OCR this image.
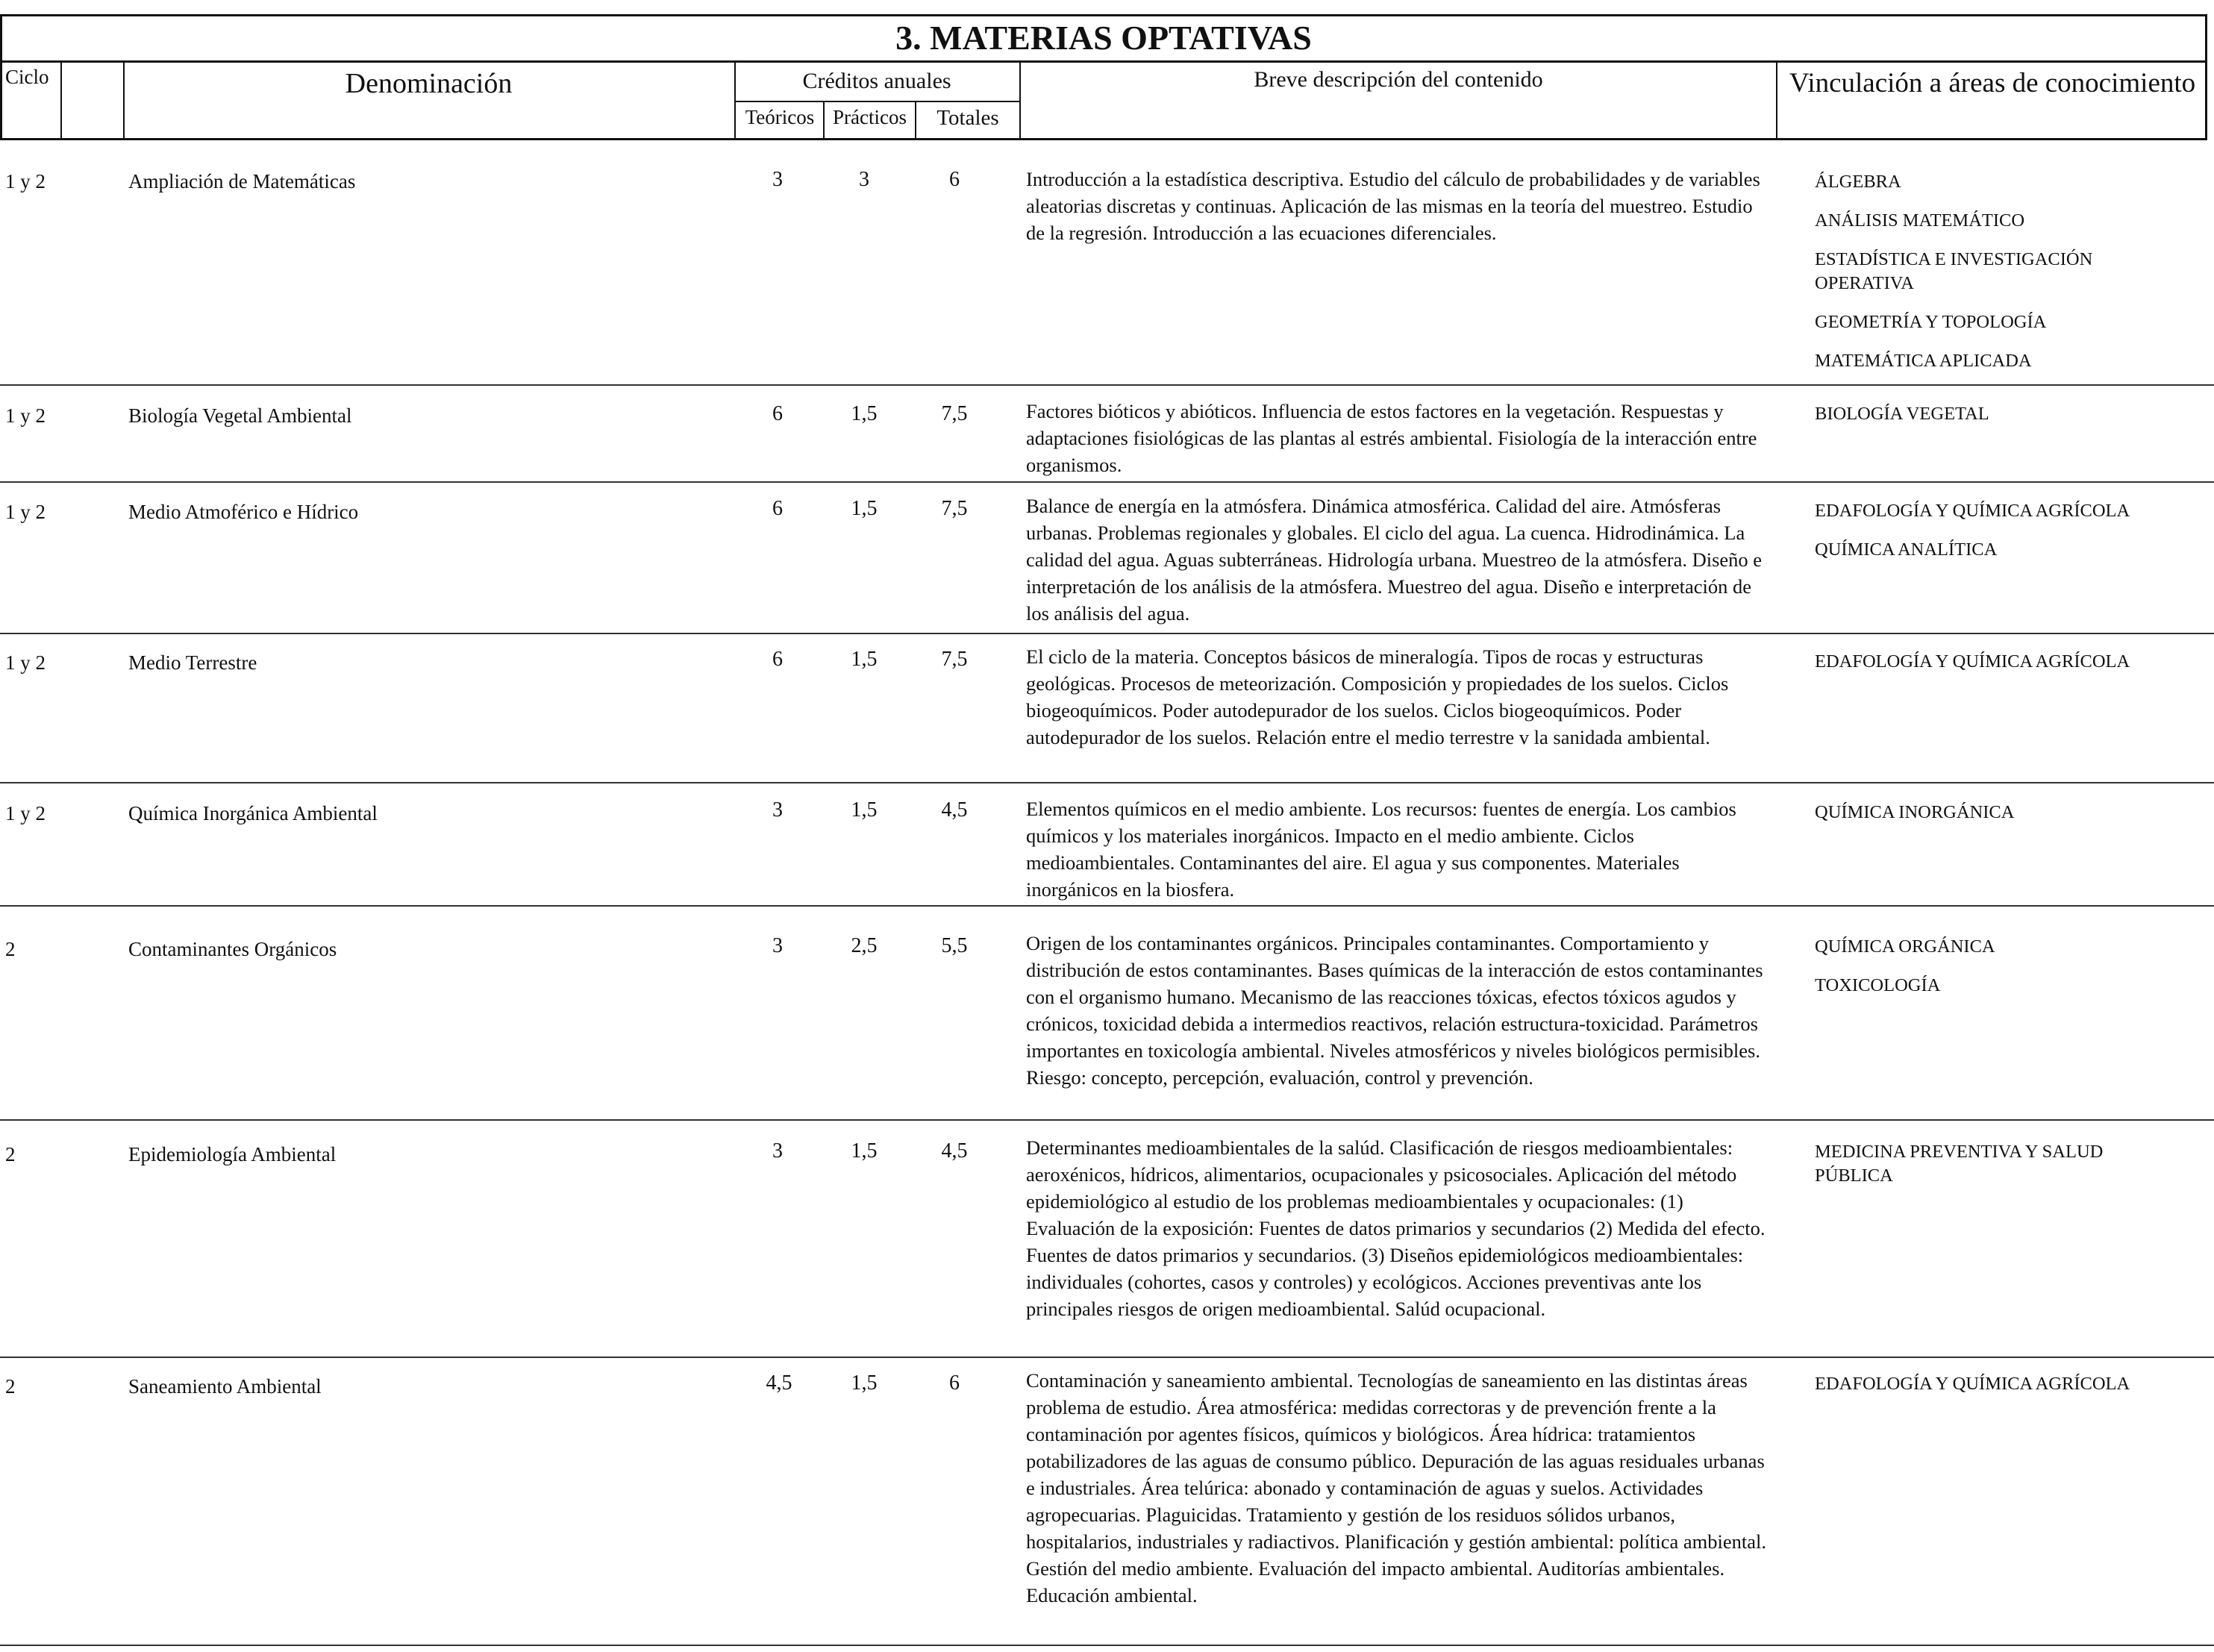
3. MATERIAS OPTATIVAS
Ciclo	Denominación	Créditos anuales
Teóricos Prácticos	Totales
Breve descripción del contenido	Vinculación a áreas de conocimiento
1 y 2	Ampliación de Matemáticas	3	3	6	Introducción a la estadística descriptiva. Estudio del cálculo de probabilidades y de variables aleatorias discretas y continuas. Aplicación de las mismas en la teoría del muestreo. Estudio de la regresión. Introducción a las ecuaciones diferenciales.
ÁLGEBRA
ANÁLISIS MATEMÁTICO
ESTADÍSTICA E INVESTIGACIÓN OPERATIVA
GEOMETRÍA Y TOPOLOGÍA
MATEMÁTICA APLICADA
1 y 2	Biología Vegetal Ambiental	6	1,5	7,5	Factores bióticos y abióticos. Influencia de estos factores en la vegetación. Respuestas y adaptaciones fisiológicas de las plantas al estrés ambiental. Fisiología de la interacción entre organismos.
BIOLOGÍA VEGETAL
1 y 2	Medio Atmoférico e Hídrico	6	1,5	7,5	Balance de energía en la atmósfera. Dinámica atmosférica. Calidad del aire. Atmósferas urbanas. Problemas regionales y globales. El ciclo del agua. La cuenca. Hidrodinámica. La calidad del agua. Aguas subterráneas. Hidrología urbana. Muestreo de la atmósfera. Diseño e interpretación de los análisis de la atmósfera. Muestreo del agua. Diseño e interpretación de los análisis del agua.
EDAFOLOGÍA Y QUÍMICA AGRÍCOLA
QUÍMICA ANALÍTICA
1 y 2	Medio Terrestre	6	1,5	7,5	El ciclo de la materia. Conceptos básicos de mineralogía. Tipos de rocas y estructuras geológicas. Procesos de meteorización. Composición y propiedades de los suelos. Ciclos biogeoquímicos. Poder autodepurador de los suelos. Ciclos biogeoquímicos. Poder autodepurador de los suelos. Relación entre el medio terrestre v la sanidada ambiental.
EDAFOLOGÍA Y QUÍMICA AGRÍCOLA
1 y 2	Química Inorgánica Ambiental	3	1,5	4,5	Elementos químicos en el medio ambiente. Los recursos: fuentes de energía. Los cambios químicos y los materiales inorgánicos. Impacto en el medio ambiente. Ciclos medioambientales. Contaminantes del aire. El agua y sus componentes. Materiales inorgánicos en la biosfera.
QUÍMICA INORGÁNICA
2	Contaminantes Orgánicos	3	2,5	5,5	Origen de los contaminantes orgánicos. Principales contaminantes. Comportamiento y distribución de estos contaminantes. Bases químicas de la interacción de estos contaminantes con el organismo humano. Mecanismo de las reacciones tóxicas, efectos tóxicos agudos y crónicos, toxicidad debida a intermedios reactivos, relación estructura-toxicidad. Parámetros importantes en toxicología ambiental. Niveles atmosféricos y niveles biológicos permisibles. Riesgo: concepto, percepción, evaluación, control y prevención.
QUÍMICA ORGÁNICA
TOXICOLOGÍA
2	Epidemiología Ambiental	3	1,5	4,5	Determinantes medioambientales de la salúd. Clasificación de riesgos medioambientales: aeroxénicos, hídricos, alimentarios, ocupacionales y psicosociales. Aplicación del método epidemiológico al estudio de los problemas medioambientales y ocupacionales: (1) Evaluación de la exposición: Fuentes de datos primarios y secundarios (2) Medida del efecto. Fuentes de datos primarios y secundarios. (3) Diseños epidemiológicos medioambientales: individuales (cohortes, casos y controles) y ecológicos. Acciones preventivas ante los principales riesgos de origen medioambiental. Salúd ocupacional.
MEDICINA PREVENTIVA Y SALUD PÚBLICA
2	Saneamiento Ambiental	4,5	1,5	6	Contaminación y saneamiento ambiental. Tecnologías de saneamiento en las distintas áreas problema de estudio. Área atmosférica: medidas correctoras y de prevención frente a la contaminación por agentes físicos, químicos y biológicos. Área hídrica: tratamientos potabilizadores de las aguas de consumo público. Depuración de las aguas residuales urbanas e industriales. Área telúrica: abonado y contaminación de aguas y suelos. Actividades agropecuarias. Plaguicidas. Tratamiento y gestión de los residuos sólidos urbanos, hospitalarios, industriales y radiactivos. Planificación y gestión ambiental: política ambiental. Gestión del medio ambiente. Evaluación del impacto ambiental. Auditorías ambientales. Educación ambiental.
EDAFOLOGÍA Y QUÍMICA AGRÍCOLA
